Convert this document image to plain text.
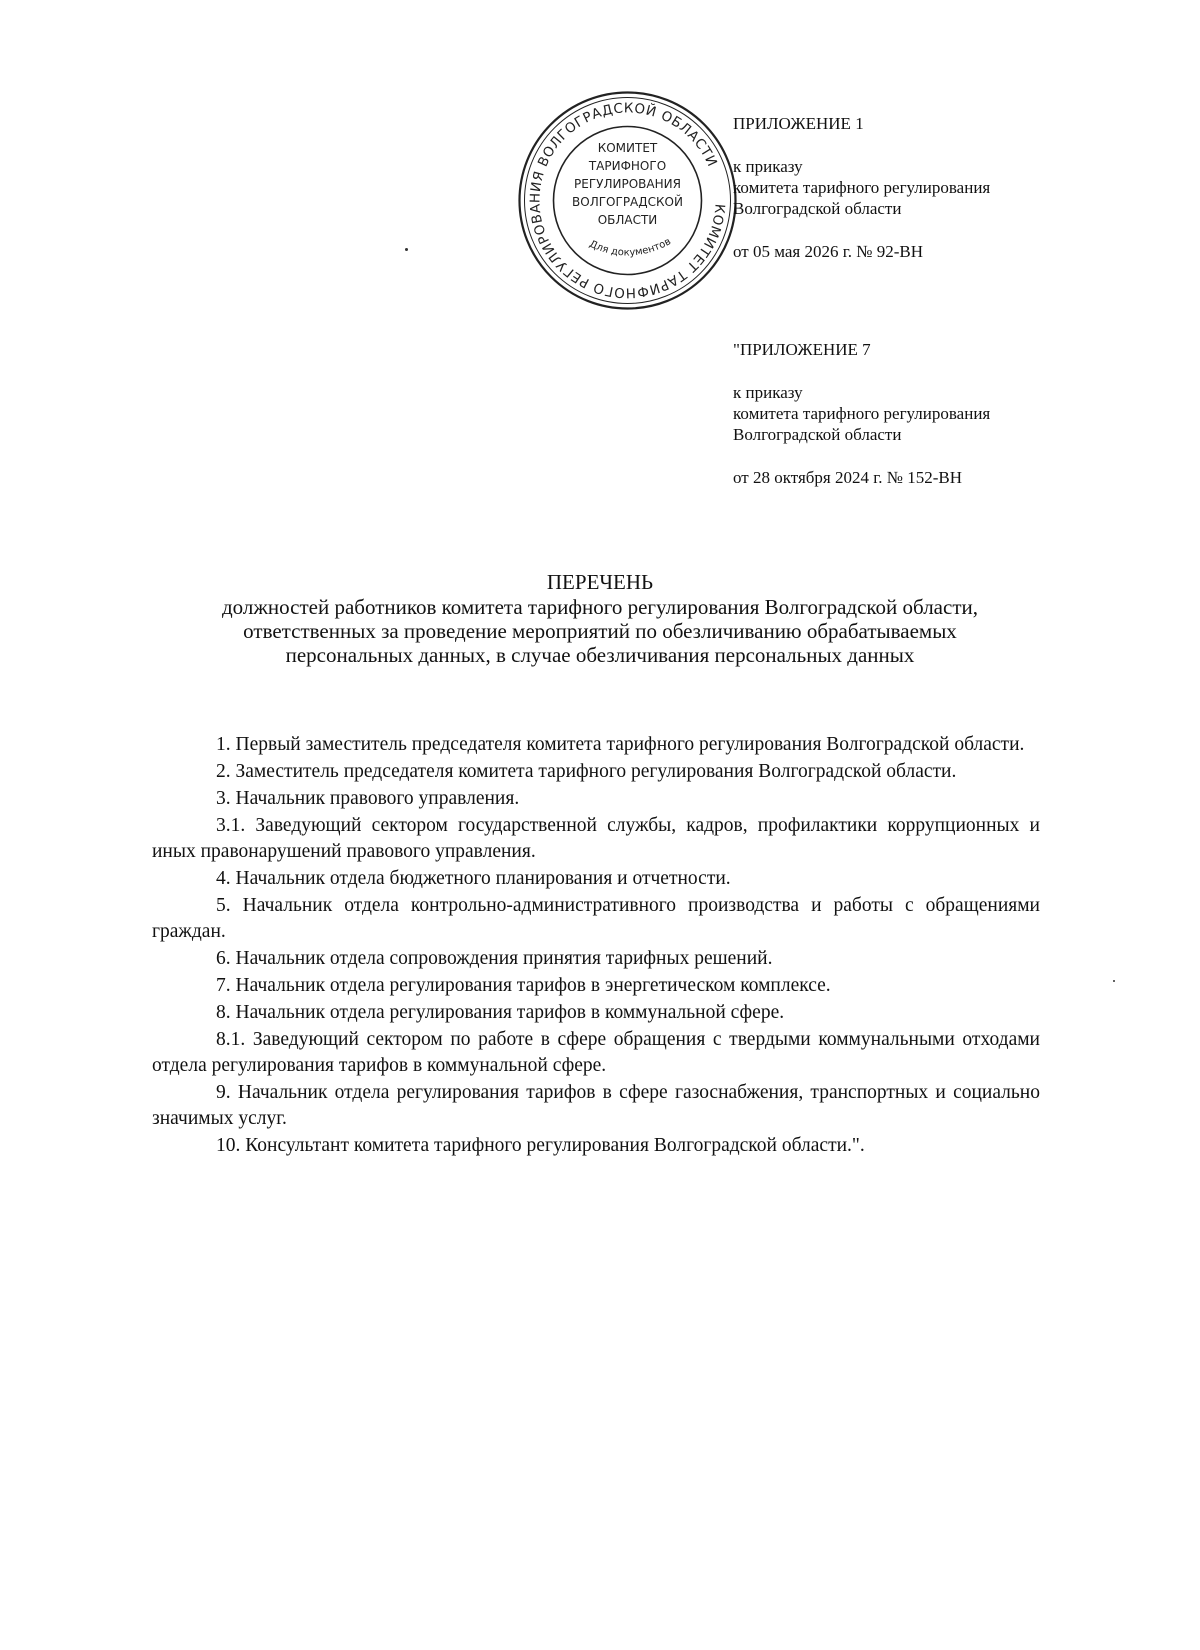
КОМИТЕТ ТАРИФНОГО РЕГУЛИРОВАНИЯ ВОЛГОГРАДСКОЙ ОБЛАСТИ
КОМИТЕТ
ТАРИФНОГО
РЕГУЛИРОВАНИЯ
ВОЛГОГРАДСКОЙ
ОБЛАСТИ
Для документов
ПРИЛОЖЕНИЕ 1
к приказу
комитета тарифного регулирования
Волгоградской области
от 05 мая 2026 г. № 92-ВН
"ПРИЛОЖЕНИЕ 7
к приказу
комитета тарифного регулирования
Волгоградской области
от 28 октября 2024 г. № 152-ВН
ПЕРЕЧЕНЬ
должностей работников комитета тарифного регулирования Волгоградской области,
ответственных за проведение мероприятий по обезличиванию обрабатываемых
персональных данных, в случае обезличивания персональных данных

1. Первый заместитель председателя комитета тарифного регулирования Волгоградской области.

2. Заместитель председателя комитета тарифного регулирования Волгоградской области.

3. Начальник правового управления.

3.1. Заведующий сектором государственной службы, кадров, профилактики коррупционных и иных правонарушений правового управления.

4. Начальник отдела бюджетного планирования и отчетности.

5. Начальник отдела контрольно-административного производства и работы с обращениями граждан.

6. Начальник отдела сопровождения принятия тарифных решений.

7. Начальник отдела регулирования тарифов в энергетическом комплексе.

8. Начальник отдела регулирования тарифов в коммунальной сфере.

8.1. Заведующий сектором по работе в сфере обращения с твердыми коммунальными отходами отдела регулирования тарифов в коммунальной сфере.

9. Начальник отдела регулирования тарифов в сфере газоснабжения, транспортных и социально значимых услуг.

10. Консультант комитета тарифного регулирования Волгоградской области.".
